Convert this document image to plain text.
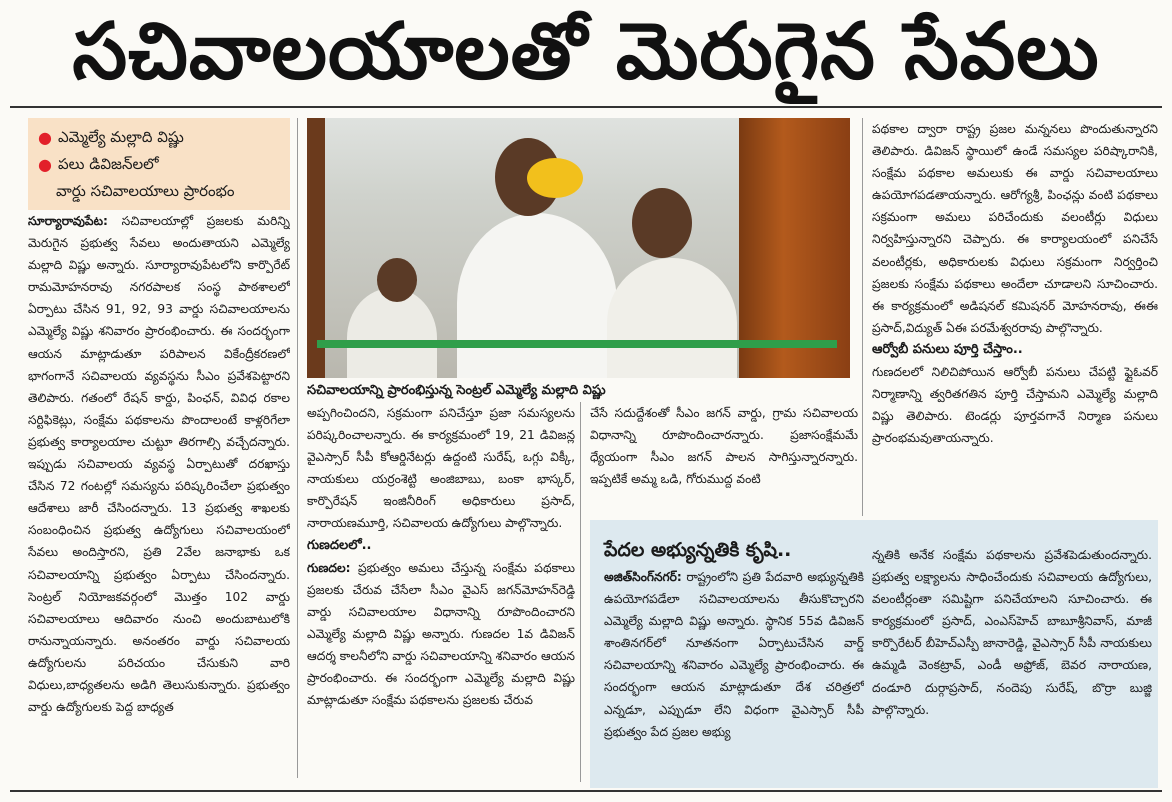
సచివాలయాలతో మెరుగైన సేవలు
● ఎమ్మెల్యే మల్లాది విష్ణు
● పలు డివిజన్‌లలో
వార్డు సచివాలయాలు ప్రారంభం

సూర్యారావుపేట: సచివాలయాల్లో ప్రజలకు మరిన్ని మెరుగైన ప్రభుత్వ సేవలు అందుతాయని ఎమ్మెల్యే మల్లాది విష్ణు అన్నారు. సూర్యారావుపేటలోని కార్పొరేట్ రామమోహనరావు నగరపాలక సంస్థ పాఠశాలలో ఏర్పాటు చేసిన 91, 92, 93 వార్డు సచివాలయాలను ఎమ్మెల్యే విష్ణు శనివారం ప్రారంభించారు. ఈ సందర్భంగా ఆయన మాట్లాడుతూ పరిపాలన వికేంద్రీకరణలో భాగంగానే సచివాలయ వ్యవస్థను సీఎం ప్రవేశపెట్టారని తెలిపారు. గతంలో రేషన్ కార్డు, పింఛన్, వివిధ రకాల సర్టిఫికెట్లు, సంక్షేమ పథకాలను పొందాలంటే కాళ్లరిగేలా ప్రభుత్వ కార్యాలయాల చుట్టూ తిరగాల్సి వచ్చేదన్నారు. ఇప్పుడు సచివాలయ వ్యవస్థ ఏర్పాటుతో దరఖాస్తు చేసిన 72 గంటల్లో సమస్యను పరిష్కరించేలా ప్రభుత్వం ఆదేశాలు జారీ చేసిందన్నారు. 13 ప్రభుత్వ శాఖలకు సంబంధించిన ప్రభుత్వ ఉద్యోగులు సచివాలయంలో సేవలు అందిస్తారని, ప్రతి 2వేల జనాభాకు ఒక సచివాలయాన్ని ప్రభుత్వం ఏర్పాటు చేసిందన్నారు. సెంట్రల్ నియోజకవర్గంలో మొత్తం 102 వార్డు సచివాలయాలు ఆదివారం నుంచి అందుబాటులోకి రానున్నాయన్నారు. అనంతరం వార్డు సచివాలయ ఉద్యోగులను పరిచయం చేసుకుని వారి విధులు,బాధ్యతలను అడిగి తెలుసుకున్నారు. ప్రభుత్వం వార్డు ఉద్యోగులకు పెద్ద బాధ్యత

సచివాలయాన్ని ప్రారంభిస్తున్న సెంట్రల్ ఎమ్మెల్యే మల్లాది విష్ణు

అప్పగించిందని, సక్రమంగా పనిచేస్తూ ప్రజా సమస్యలను పరిష్కరించాలన్నారు. ఈ కార్యక్రమంలో 19, 21 డివిజన్ల వైఎస్సార్ సీపీ కోఆర్డినేటర్లు ఉద్దంటి సురేష్, ఒగ్గు విక్కీ, నాయకులు యర్రంశెట్టి అంజిబాబు, బంకా భాస్కర్, కార్పొరేషన్ ఇంజినీరింగ్ అధికారులు ప్రసాద్, నారాయణమూర్తి, సచివాలయ ఉద్యోగులు పాల్గొన్నారు.

గుణదలలో..

గుణదల: ప్రభుత్వం అమలు చేస్తున్న సంక్షేమ పథకాలు ప్రజలకు చేరువ చేసేలా సీఎం వైఎస్ జగన్‌మోహన్‌రెడ్డి వార్డు సచివాలయాల విధానాన్ని రూపొందించారని ఎమ్మెల్యే మల్లాది విష్ణు అన్నారు. గుణదల 1వ డివిజన్ ఆదర్శ కాలనీలోని వార్డు సచివాలయాన్ని శనివారం ఆయన ప్రారంభించారు. ఈ సందర్భంగా ఎమ్మెల్యే మల్లాది విష్ణు మాట్లాడుతూ సంక్షేమ పథకాలను ప్రజలకు చేరువ

చేసే సదుద్దేశంతో సీఎం జగన్ వార్డు, గ్రామ సచివాలయ విధానాన్ని రూపొందించారన్నారు. ప్రజాసంక్షేమమే ధ్యేయంగా సీఎం జగన్ పాలన సాగిస్తున్నారన్నారు. ఇప్పటికే అమ్మ ఒడి, గోరుముద్ద వంటి

పథకాల ద్వారా రాష్ట్ర ప్రజల మన్ననలు పొందుతున్నారని తెలిపారు. డివిజన్ స్థాయిలో ఉండే సమస్యల పరిష్కారానికి, సంక్షేమ పథకాల అమలుకు ఈ వార్డు సచివాలయాలు ఉపయోగపడతాయన్నారు. ఆరోగ్యశ్రీ, పింఛన్లు వంటి పథకాలు సక్రమంగా అమలు పరిచేందుకు వలంటీర్లు విధులు నిర్వహిస్తున్నారని చెప్పారు. ఈ కార్యాలయంలో పనిచేసే వలంటీర్లకు, అధికారులకు విధులు సక్రమంగా నిర్వర్తించి ప్రజలకు సంక్షేమ పథకాలు అందేలా చూడాలని సూచించారు. ఈ కార్యక్రమంలో అడిషనల్ కమిషనర్ మోహనరావు, ఈఈ ప్రసాద్,విద్యుత్ ఏఈ పరమేశ్వరరావు పాల్గొన్నారు.

ఆర్వోబీ పనులు పూర్తి చేస్తాం..

గుణదలలో నిలిచిపోయిన ఆర్వోబీ పనులు చేపట్టి ఫ్లైఓవర్ నిర్మాణాన్ని త్వరితగతిన పూర్తి చేస్తామని ఎమ్మెల్యే మల్లాది విష్ణు తెలిపారు. టెండర్లు పూర్తవగానే నిర్మాణ పనులు ప్రారంభమవుతాయన్నారు.

పేదల అభ్యున్నతికి కృషి..

అజిత్‌సింగ్‌నగర్: రాష్ట్రంలోని ప్రతి పేదవారి అభ్యున్నతికి ఉపయోగపడేలా సచివాలయాలను తీసుకొచ్చారని ఎమ్మెల్యే మల్లాది విష్ణు అన్నారు. స్థానిక 55వ డివిజన్ శాంతినగర్‌లో నూతనంగా ఏర్పాటుచేసిన వార్డ్ సచివాలయాన్ని శనివారం ఎమ్మెల్యే ప్రారంభించారు. ఈ సందర్భంగా ఆయన మాట్లాడుతూ దేశ చరిత్రలో ఎన్నడూ, ఎప్పుడూ లేని విధంగా వైఎస్సార్ సీపీ ప్రభుత్వం పేద ప్రజల అభ్యు

న్నతికి అనేక సంక్షేమ పథకాలను ప్రవేశపెడుతుందన్నారు. ప్రభుత్వ లక్ష్యాలను సాధించేందుకు సచివాలయ ఉద్యోగులు, వలంటీర్లంతా సమిష్టిగా పనిచేయాలని సూచించారు. ఈ కార్యక్రమంలో ప్రసాద్, ఎంఎస్‌హెచ్ బాబూశ్రీనివాస్, మాజీ కార్పొరేటర్ బీహెచ్‌ఎస్పీ జానారెడ్డి, వైఎస్సార్ సీపీ నాయకులు ఉమ్మడి వెంకట్రావ్, ఎండీ అఫ్రోజ్, బెవర నారాయణ, దండూరి దుర్గాప్రసాద్, నందెపు సురేష్, బొర్రా బుజ్జి పాల్గొన్నారు.
